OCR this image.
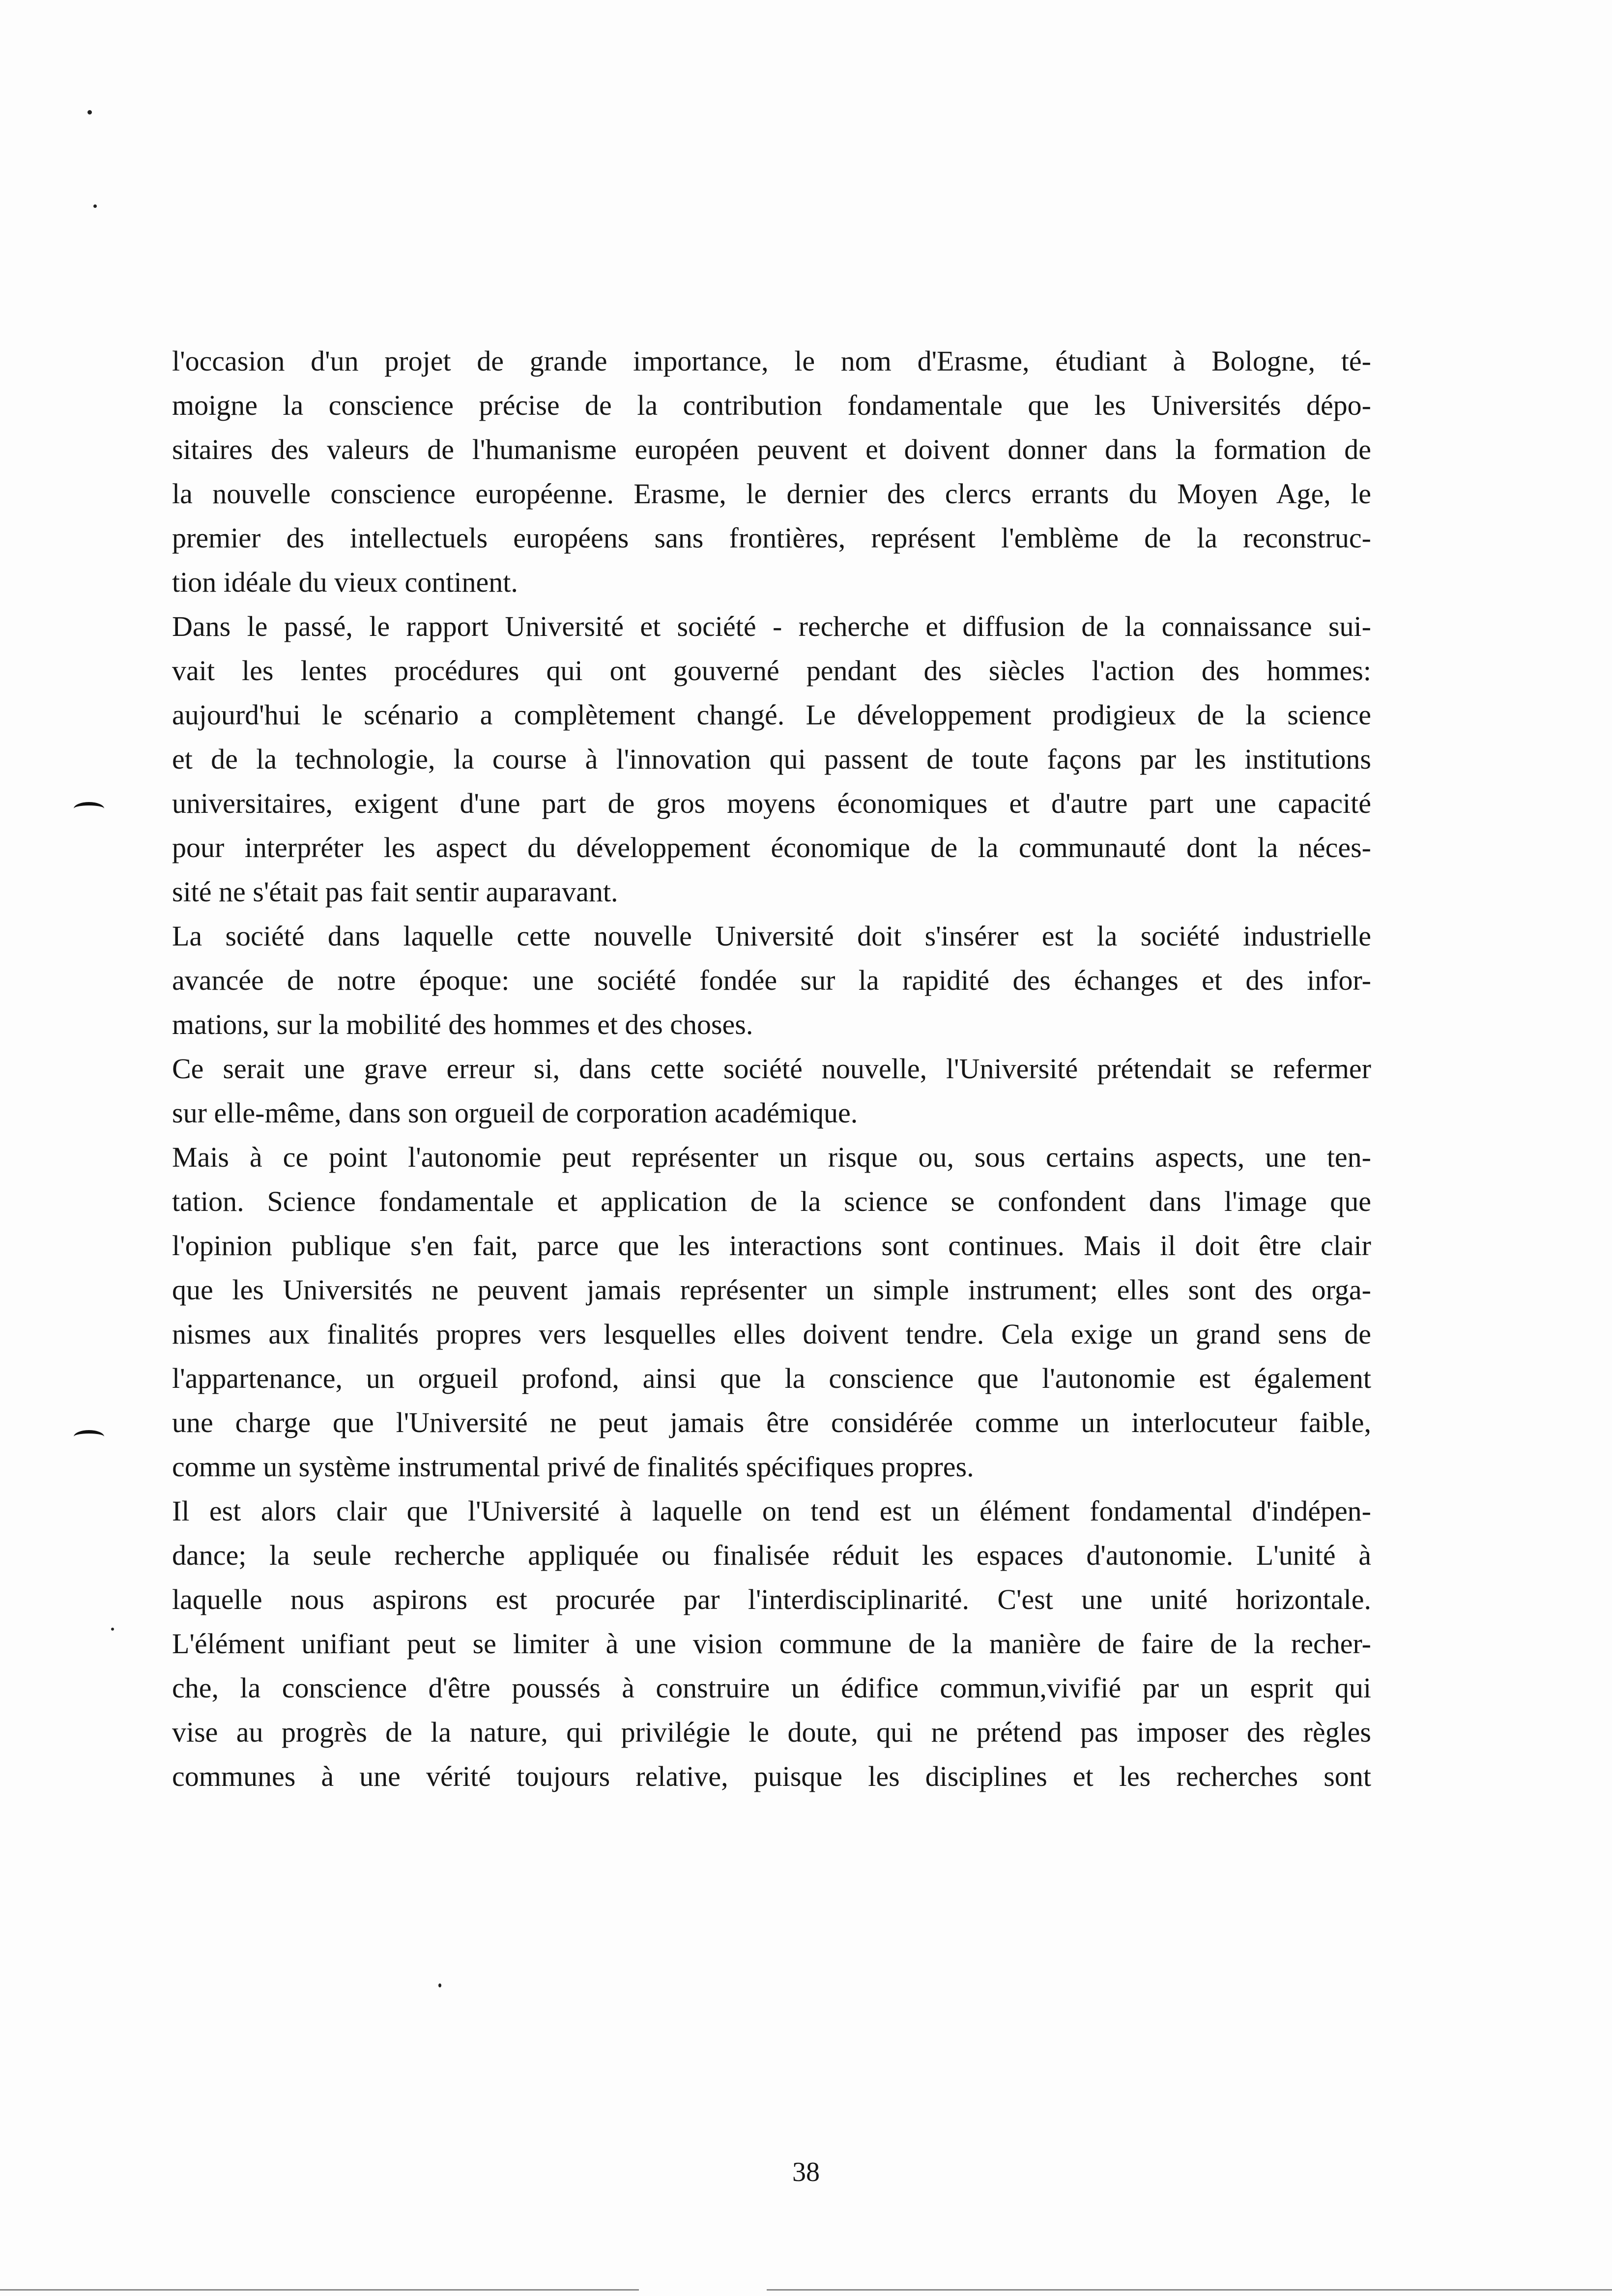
l'occasion d'un projet de grande importance, le nom d'Erasme, étudiant à Bologne, té-
moigne la conscience précise de la contribution fondamentale que les Universités dépo-
sitaires des valeurs de l'humanisme européen peuvent et doivent donner dans la formation de
la nouvelle conscience européenne. Erasme, le dernier des clercs errants du Moyen Age, le
premier des intellectuels européens sans frontières, représent l'emblème de la reconstruc-
tion idéale du vieux continent.
Dans le passé, le rapport Université et société - recherche et diffusion de la connaissance sui-
vait les lentes procédures qui ont gouverné pendant des siècles l'action des hommes:
aujourd'hui le scénario a complètement changé. Le développement prodigieux de la science
et de la technologie, la course à l'innovation qui passent de toute façons par les institutions
universitaires, exigent d'une part de gros moyens économiques et d'autre part une capacité
pour interpréter les aspect du développement économique de la communauté dont la néces-
sité ne s'était pas fait sentir auparavant.
La société dans laquelle cette nouvelle Université doit s'insérer est la société industrielle
avancée de notre époque: une société fondée sur la rapidité des échanges et des infor-
mations, sur la mobilité des hommes et des choses.
Ce serait une grave erreur si, dans cette société nouvelle, l'Université prétendait se refermer
sur elle-même, dans son orgueil de corporation académique.
Mais à ce point l'autonomie peut représenter un risque ou, sous certains aspects, une ten-
tation. Science fondamentale et application de la science se confondent dans l'image que
l'opinion publique s'en fait, parce que les interactions sont continues. Mais il doit être clair
que les Universités ne peuvent jamais représenter un simple instrument; elles sont des orga-
nismes aux finalités propres vers lesquelles elles doivent tendre. Cela exige un grand sens de
l'appartenance, un orgueil profond, ainsi que la conscience que l'autonomie est également
une charge que l'Université ne peut jamais être considérée comme un interlocuteur faible,
comme un système instrumental privé de finalités spécifiques propres.
Il est alors clair que l'Université à laquelle on tend est un élément fondamental d'indépen-
dance; la seule recherche appliquée ou finalisée réduit les espaces d'autonomie. L'unité à
laquelle nous aspirons est procurée par l'interdisciplinarité. C'est une unité horizontale.
L'élément unifiant peut se limiter à une vision commune de la manière de faire de la recher-
che, la conscience d'être poussés à construire un édifice commun,vivifié par un esprit qui
vise au progrès de la nature, qui privilégie le doute, qui ne prétend pas imposer des règles
communes à une vérité toujours relative, puisque les disciplines et les recherches sont
38
